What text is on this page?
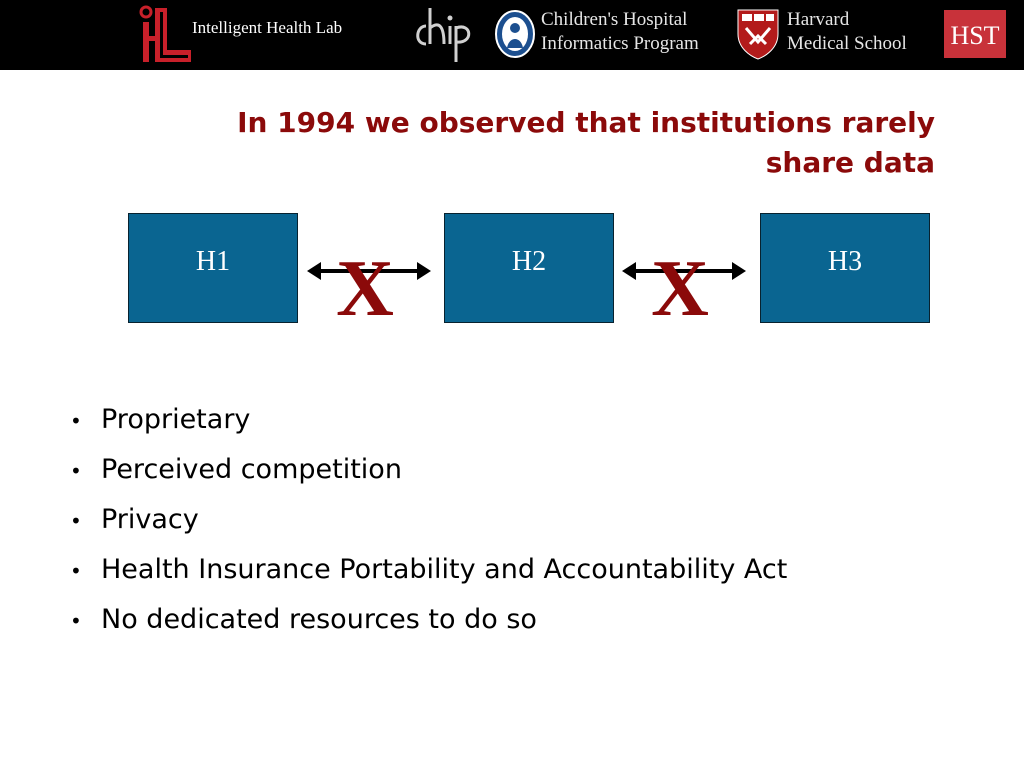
Intelligent Health Lab	Children's Hospital
Informatics Program
Harvard
Medical School HST
In 1994 we observed that institutions rarely
share data
H1	H2	H3
X	X
• Proprietary
• Perceived competition
• Privacy
• Health Insurance Portability and Accountability Act
• No dedicated resources to do so
